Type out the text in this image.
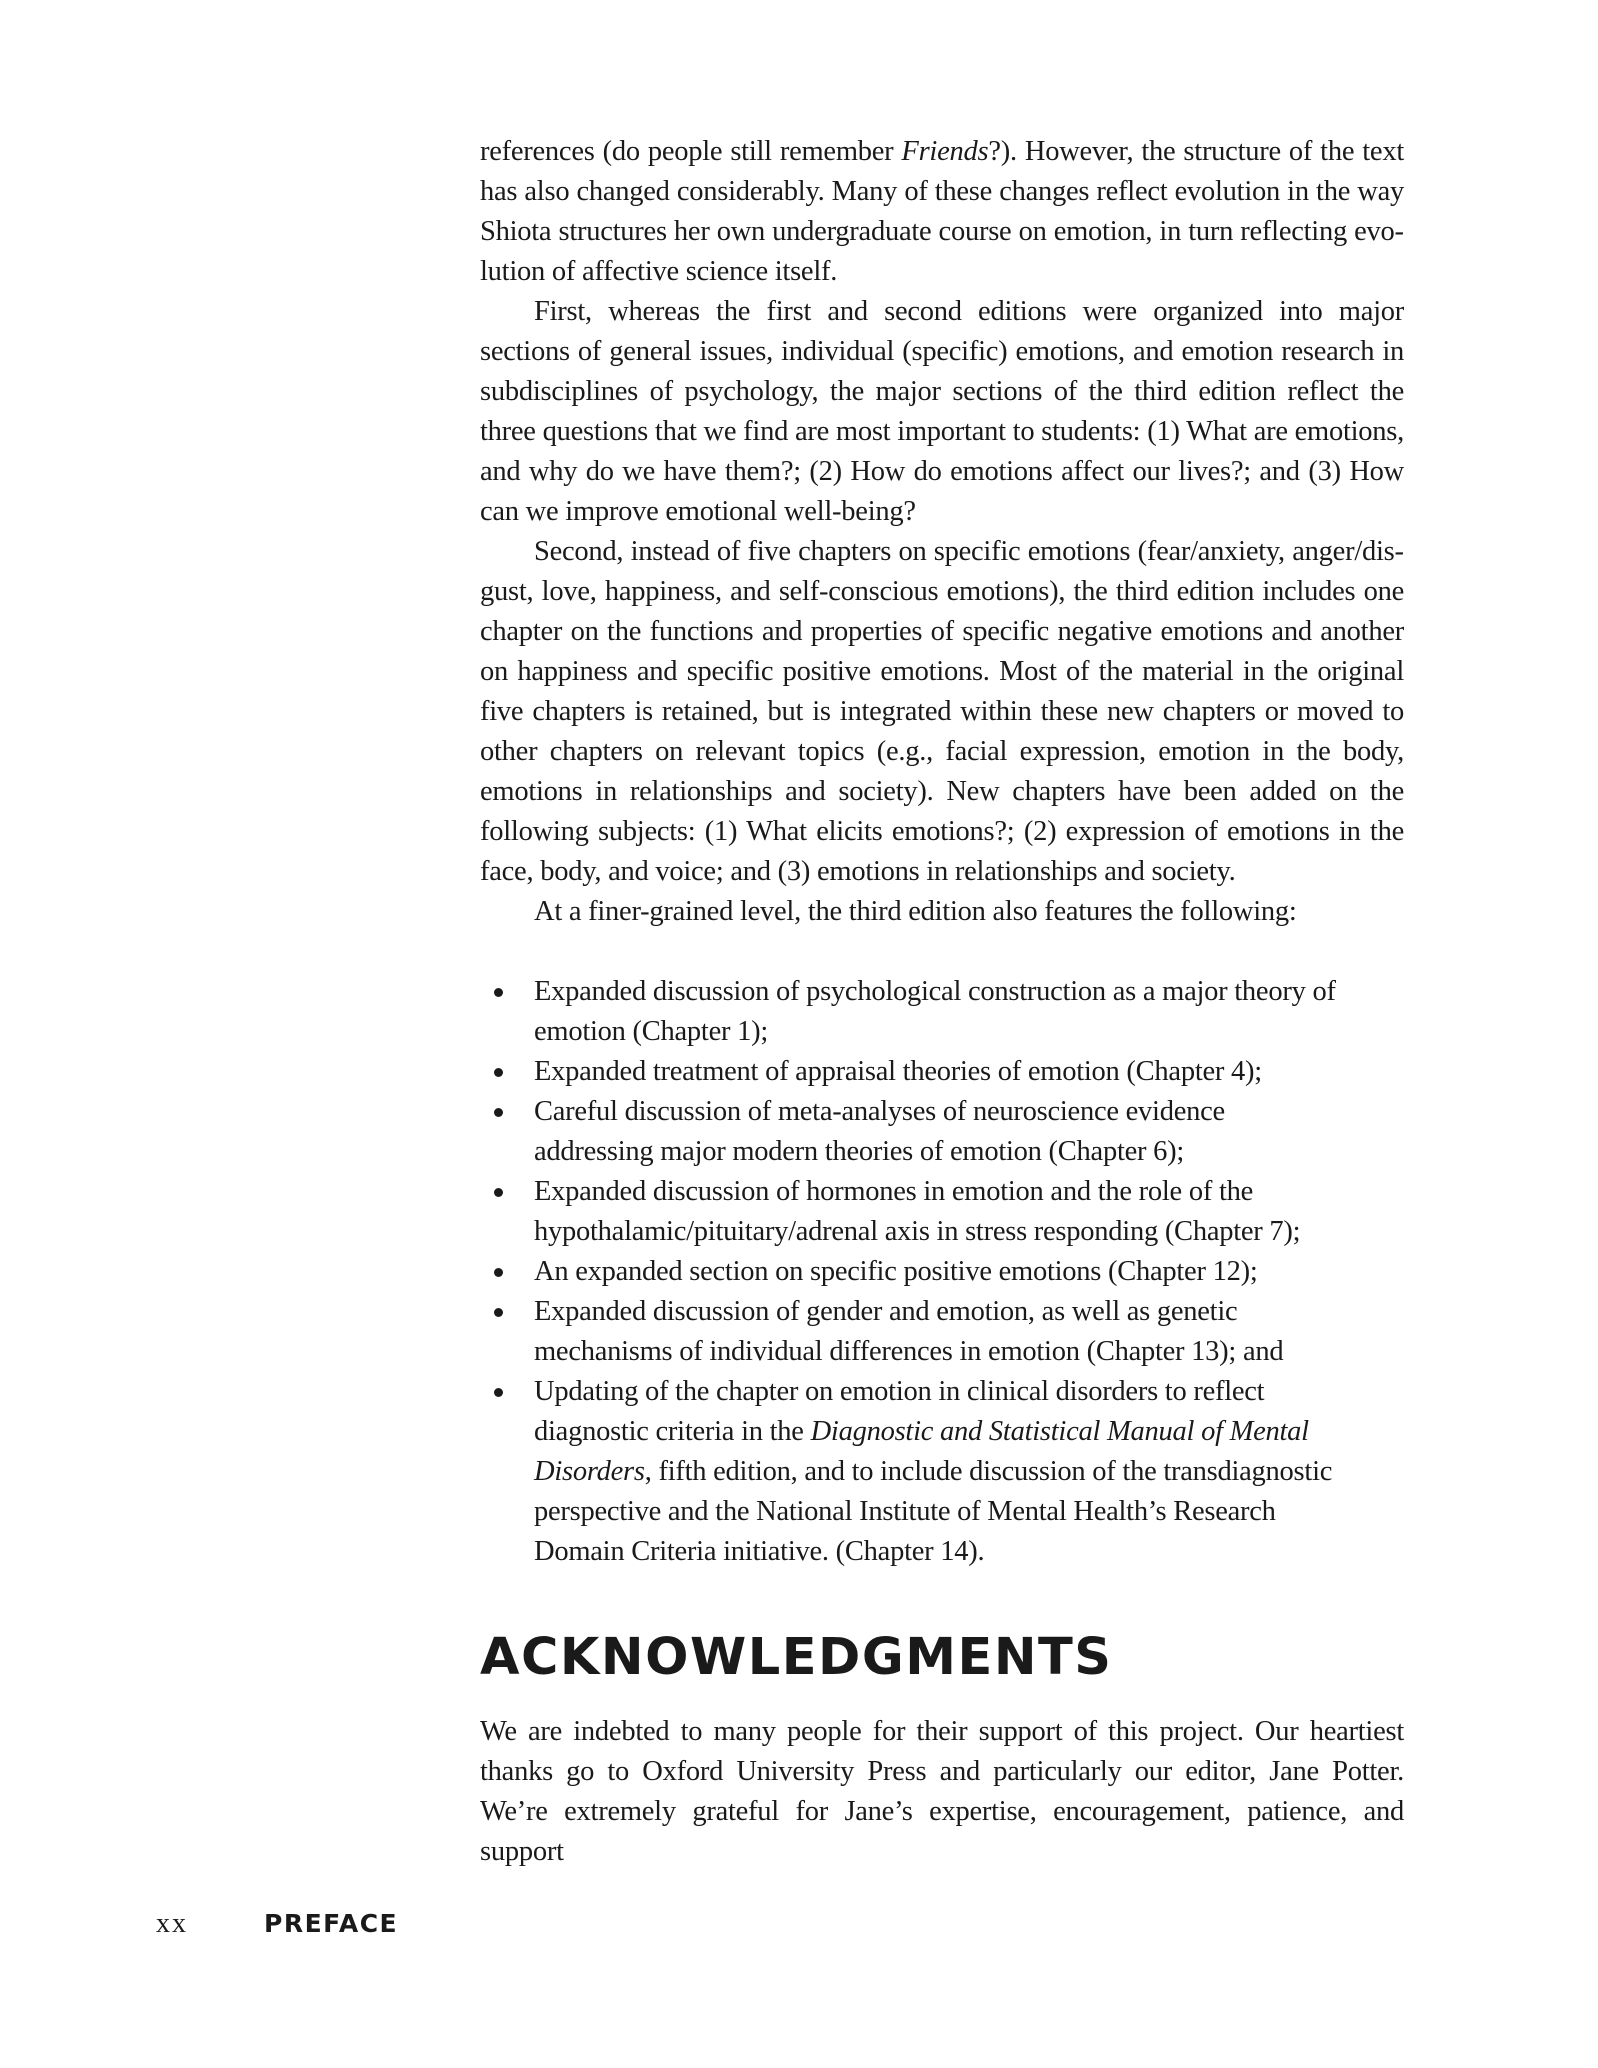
references (do people still remember Friends?). However, the structure of the text has also changed considerably. Many of these changes reflect evolution in the way Shiota structures her own undergraduate course on emotion, in turn reflecting evolution of affective science itself.

First, whereas the first and second editions were organized into major sections of general issues, individual (specific) emotions, and emotion research in subdisciplines of psychology, the major sections of the third edition reflect the three questions that we find are most important to students: (1) What are emotions, and why do we have them?; (2) How do emotions affect our lives?; and (3) How can we improve emotional well-being?

Second, instead of five chapters on specific emotions (fear/anxiety, anger/disgust, love, happiness, and self-conscious emotions), the third edition includes one chapter on the functions and properties of specific negative emotions and another on happiness and specific positive emotions. Most of the material in the original five chapters is retained, but is integrated within these new chapters or moved to other chapters on relevant topics (e.g., facial expression, emotion in the body, emotions in relationships and society). New chapters have been added on the following subjects: (1) What elicits emotions?; (2) expression of emotions in the face, body, and voice; and (3) emotions in relationships and society.

At a finer-grained level, the third edition also features the following:

Expanded discussion of psychological construction as a major theory of emotion (Chapter 1);
Expanded treatment of appraisal theories of emotion (Chapter 4);
Careful discussion of meta-analyses of neuroscience evidence addressing major modern theories of emotion (Chapter 6);
Expanded discussion of hormones in emotion and the role of the hypothalamic/pituitary/adrenal axis in stress responding (Chapter 7);
An expanded section on specific positive emotions (Chapter 12);
Expanded discussion of gender and emotion, as well as genetic mechanisms of individual differences in emotion (Chapter 13); and
Updating of the chapter on emotion in clinical disorders to reflect diagnostic criteria in the Diagnostic and Statistical Manual of Mental Disorders, fifth edition, and to include discussion of the transdiagnostic perspective and the National Institute of Mental Health’s Research Domain Criteria initiative. (Chapter 14).
ACKNOWLEDGMENTS

We are indebted to many people for their support of this project. Our heartiest thanks go to Oxford University Press and particularly our editor, Jane Potter. We’re extremely grateful for Jane’s expertise, encouragement, patience, and support

xx	PREFACE
